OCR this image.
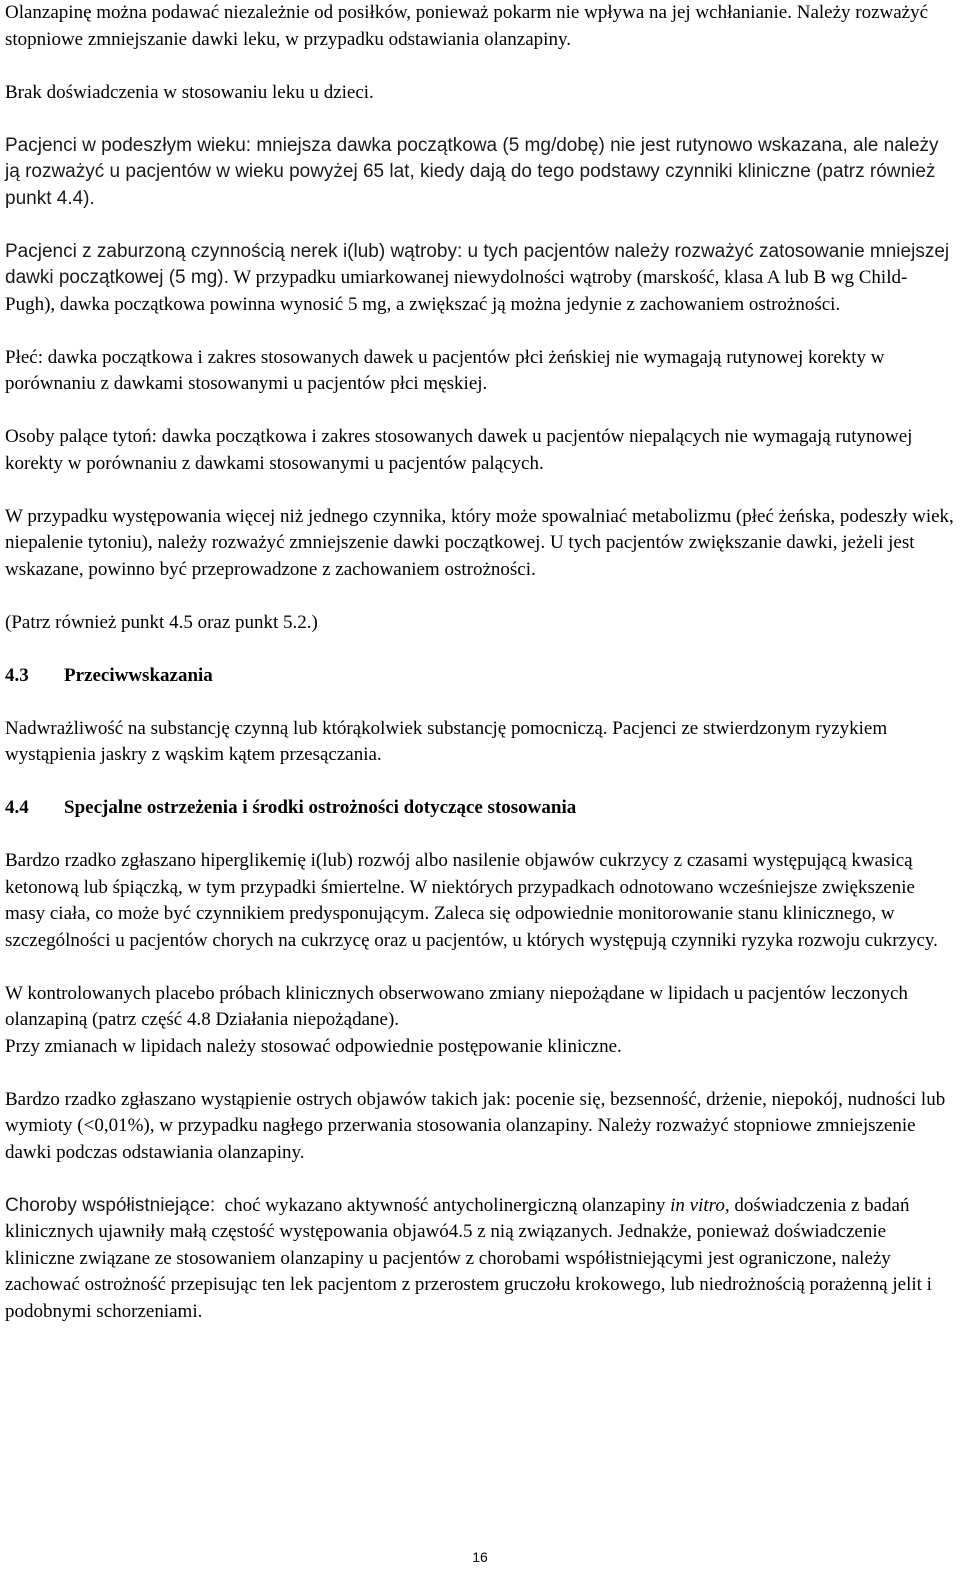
Olanzapinę można podawać niezależnie od posiłków, ponieważ pokarm nie wpływa na jej wchłanianie. Należy rozważyć stopniowe zmniejszanie dawki leku, w przypadku odstawiania olanzapiny.

Brak doświadczenia w stosowaniu leku u dzieci.

Pacjenci w podeszłym wieku: mniejsza dawka początkowa (5 mg/dobę) nie jest rutynowo wskazana, ale należy ją rozważyć u pacjentów w wieku powyżej 65 lat, kiedy dają do tego podstawy czynniki kliniczne (patrz również punkt 4.4).

Pacjenci z zaburzoną czynnością nerek i(lub) wątroby: u tych pacjentów należy rozważyć zatosowanie mniejszej dawki początkowej (5 mg). W przypadku umiarkowanej niewydolności wątroby (marskość, klasa A lub B wg Child-Pugh), dawka początkowa powinna wynosić 5 mg, a zwiększać ją można jedynie z zachowaniem ostrożności.

Płeć: dawka początkowa i zakres stosowanych dawek u pacjentów płci żeńskiej nie wymagają rutynowej korekty w porównaniu z dawkami stosowanymi u pacjentów płci męskiej.

Osoby palące tytoń: dawka początkowa i zakres stosowanych dawek u pacjentów niepalących nie wymagają rutynowej korekty w porównaniu z dawkami stosowanymi u pacjentów palących.

W przypadku występowania więcej niż jednego czynnika, który może spowalniać metabolizmu (płeć żeńska, podeszły wiek, niepalenie tytoniu), należy rozważyć zmniejszenie dawki początkowej. U tych pacjentów zwiększanie dawki, jeżeli jest wskazane, powinno być przeprowadzone z zachowaniem ostrożności.

(Patrz również punkt 4.5 oraz punkt 5.2.)

4.3	Przeciwwskazania

Nadwrażliwość na substancję czynną lub którąkolwiek substancję pomocniczą. Pacjenci ze stwierdzonym ryzykiem wystąpienia jaskry z wąskim kątem przesączania.

4.4	Specjalne ostrzeżenia i środki ostrożności dotyczące stosowania

Bardzo rzadko zgłaszano hiperglikemię i(lub) rozwój albo nasilenie objawów cukrzycy z czasami występującą kwasicą ketonową lub śpiączką, w tym przypadki śmiertelne. W niektórych przypadkach odnotowano wcześniejsze zwiększenie masy ciała, co może być czynnikiem predysponującym. Zaleca się odpowiednie monitorowanie stanu klinicznego, w szczególności u pacjentów chorych na cukrzycę oraz u pacjentów, u których występują czynniki ryzyka rozwoju cukrzycy.

W kontrolowanych placebo próbach klinicznych obserwowano zmiany niepożądane w lipidach u pacjentów leczonych olanzapiną (patrz część 4.8 Działania niepożądane).

Przy zmianach w lipidach należy stosować odpowiednie postępowanie kliniczne.

Bardzo rzadko zgłaszano wystąpienie ostrych objawów takich jak: pocenie się, bezsenność, drżenie, niepokój, nudności lub wymioty (<0,01%), w przypadku nagłego przerwania stosowania olanzapiny. Należy rozważyć stopniowe zmniejszenie dawki podczas odstawiania olanzapiny.

Choroby współistniejące:  choć wykazano aktywność antycholinergiczną olanzapiny in vitro, doświadczenia z badań klinicznych ujawniły małą częstość występowania objawó4.5 z nią związanych. Jednakże, ponieważ doświadczenie kliniczne związane ze stosowaniem olanzapiny u pacjentów z chorobami współistniejącymi jest ograniczone, należy zachować ostrożność przepisując ten lek pacjentom z przerostem gruczołu krokowego, lub niedrożnością porażenną jelit i podobnymi schorzeniami.

16
